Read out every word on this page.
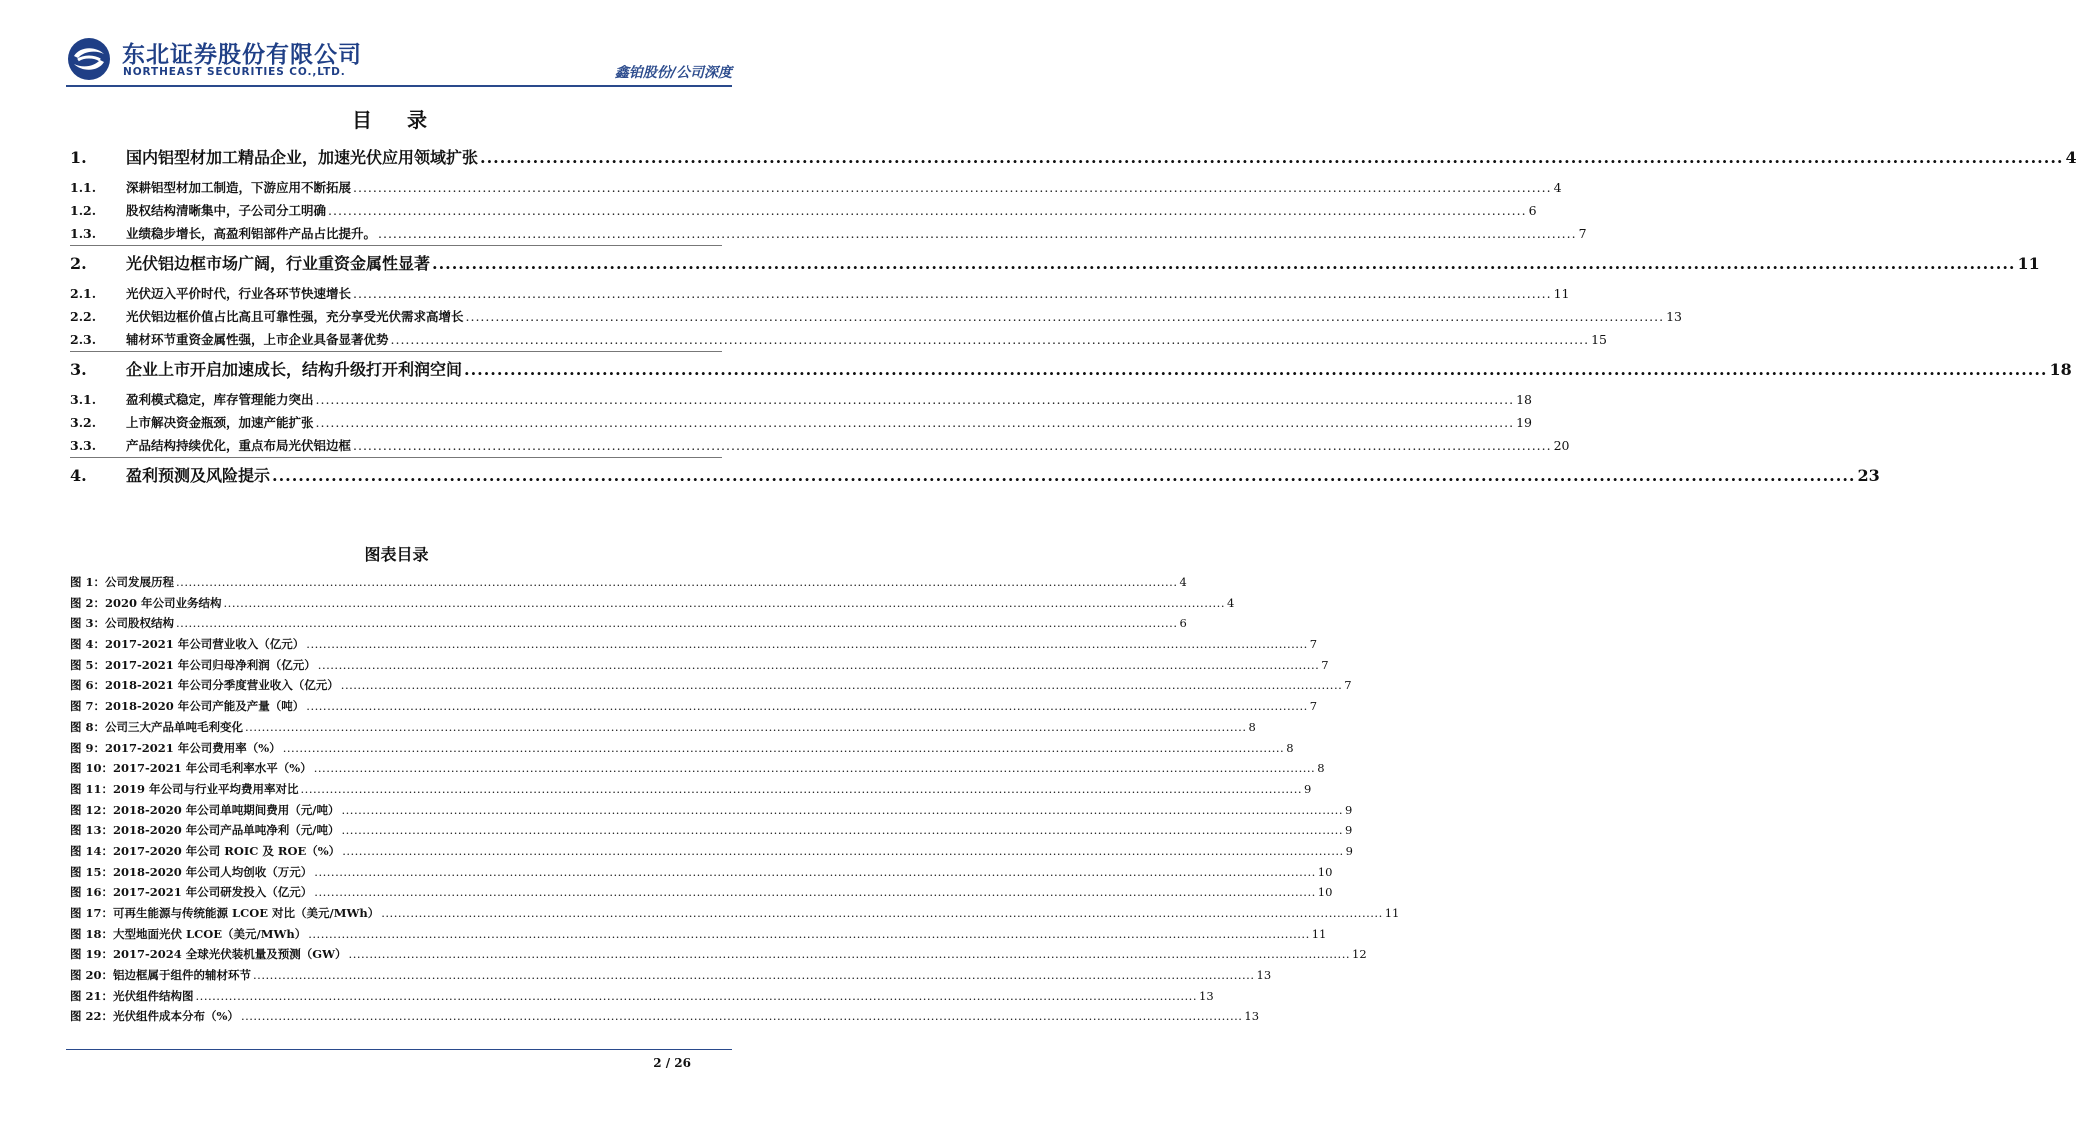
东北证券股份有限公司
NORTHEAST SECURITIES CO.,LTD.	鑫铂股份/公司深度
目 录
1.	国内铝型材加工精品企业，加速光伏应用领域扩张 .....	4
1.1.	深耕铝型材加工制造，下游应用不断拓展 .....	4
1.2.	股权结构清晰集中，子公司分工明确 .....	6
1.3.	业绩稳步增长，高盈利铝部件产品占比提升。 .....	7
2.	光伏铝边框市场广阔，行业重资金属性显著 .....	11
2.1.	光伏迈入平价时代，行业各环节快速增长 .....	11
2.2.	光伏铝边框价值占比高且可靠性强，充分享受光伏需求高增长 .....	13
2.3.	辅材环节重资金属性强，上市企业具备显著优势 .....	15
3.	企业上市开启加速成长，结构升级打开利润空间 .....	18
3.1.	盈利模式稳定，库存管理能力突出 .....	18
3.2.	上市解决资金瓶颈，加速产能扩张 .....	19
3.3.	产品结构持续优化，重点布局光伏铝边框 .....	20
4.	盈利预测及风险提示 .....	23
图表目录
图 1：公司发展历程 .....	4
图 2：2020 年公司业务结构 .....	4
图 3：公司股权结构 .....	6
图 4：2017-2021 年公司营业收入（亿元） .....	7
图 5：2017-2021 年公司归母净利润（亿元） .....	7
图 6：2018-2021 年公司分季度营业收入（亿元） .....	7
图 7：2018-2020 年公司产能及产量（吨） .....	7
图 8：公司三大产品单吨毛利变化 .....	8
图 9：2017-2021 年公司费用率（%） .....	8
图 10：2017-2021 年公司毛利率水平（%） .....	8
图 11：2019 年公司与行业平均费用率对比 .....	9
图 12：2018-2020 年公司单吨期间费用（元/吨） .....	9
图 13：2018-2020 年公司产品单吨净利（元/吨） .....	9
图 14：2017-2020 年公司 ROIC 及 ROE（%） .....	9
图 15：2018-2020 年公司人均创收（万元） .....	10
图 16：2017-2021 年公司研发投入（亿元） .....	10
图 17：可再生能源与传统能源 LCOE 对比（美元/MWh） .....	11
图 18：大型地面光伏 LCOE（美元/MWh） .....	11
图 19：2017-2024 全球光伏装机量及预测（GW） .....	12
图 20：铝边框属于组件的辅材环节 .....	13
图 21：光伏组件结构图 .....	13
图 22：光伏组件成本分布（%） .....	13
2 / 26
